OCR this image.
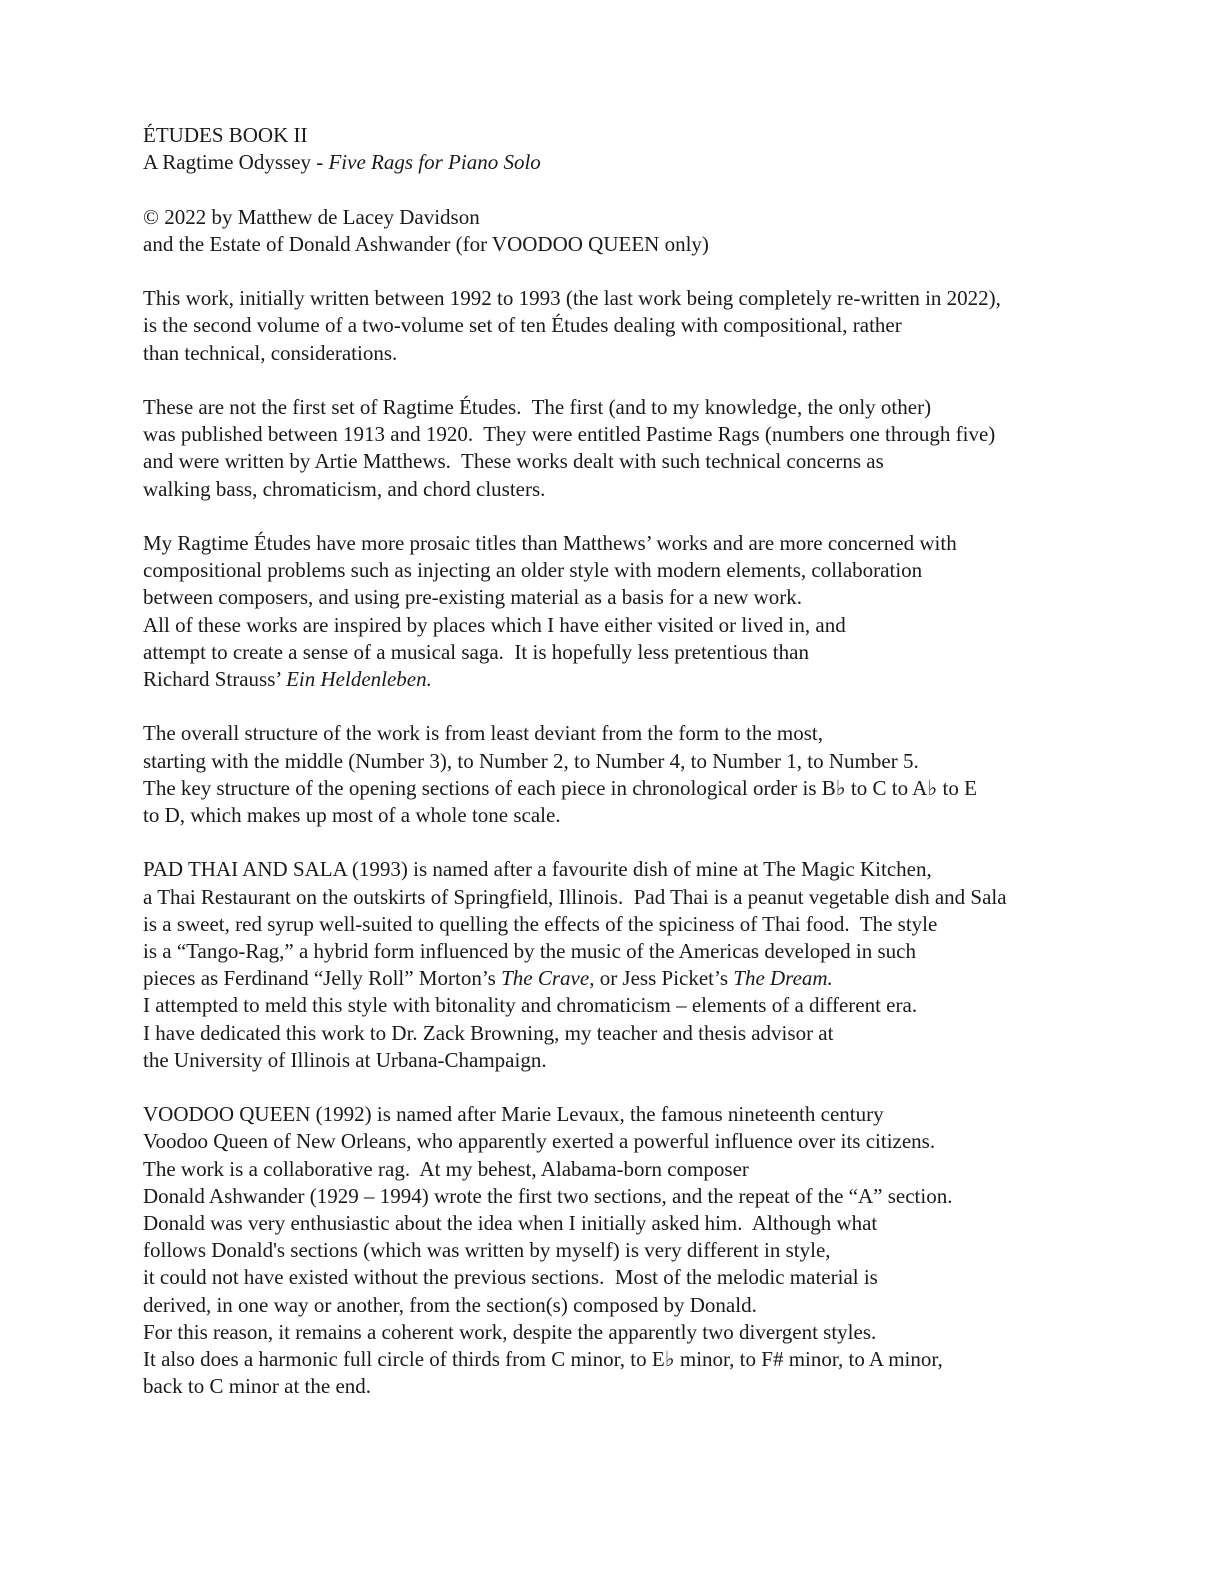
ÉTUDES BOOK II
A Ragtime Odyssey - Five Rags for Piano Solo
© 2022 by Matthew de Lacey Davidson
and the Estate of Donald Ashwander (for VOODOO QUEEN only)
This work, initially written between 1992 to 1993 (the last work being completely re-written in 2022),
is the second volume of a two-volume set of ten Études dealing with compositional, rather
than technical, considerations.
These are not the first set of Ragtime Études.  The first (and to my knowledge, the only other)
was published between 1913 and 1920.  They were entitled Pastime Rags (numbers one through five)
and were written by Artie Matthews.  These works dealt with such technical concerns as
walking bass, chromaticism, and chord clusters.
My Ragtime Études have more prosaic titles than Matthews’ works and are more concerned with
compositional problems such as injecting an older style with modern elements, collaboration
between composers, and using pre-existing material as a basis for a new work.
All of these works are inspired by places which I have either visited or lived in, and
attempt to create a sense of a musical saga.  It is hopefully less pretentious than
Richard Strauss’ Ein Heldenleben.
The overall structure of the work is from least deviant from the form to the most,
starting with the middle (Number 3), to Number 2, to Number 4, to Number 1, to Number 5.
The key structure of the opening sections of each piece in chronological order is B♭ to C to A♭ to E
to D, which makes up most of a whole tone scale.
PAD THAI AND SALA (1993) is named after a favourite dish of mine at The Magic Kitchen,
a Thai Restaurant on the outskirts of Springfield, Illinois.  Pad Thai is a peanut vegetable dish and Sala
is a sweet, red syrup well-suited to quelling the effects of the spiciness of Thai food.  The style
is a “Tango-Rag,” a hybrid form influenced by the music of the Americas developed in such
pieces as Ferdinand “Jelly Roll” Morton’s The Crave, or Jess Picket’s The Dream.
I attempted to meld this style with bitonality and chromaticism – elements of a different era.
I have dedicated this work to Dr. Zack Browning, my teacher and thesis advisor at
the University of Illinois at Urbana-Champaign.
VOODOO QUEEN (1992) is named after Marie Levaux, the famous nineteenth century
Voodoo Queen of New Orleans, who apparently exerted a powerful influence over its citizens.
The work is a collaborative rag.  At my behest, Alabama-born composer
Donald Ashwander (1929 – 1994) wrote the first two sections, and the repeat of the “A” section.
Donald was very enthusiastic about the idea when I initially asked him.  Although what
follows Donald's sections (which was written by myself) is very different in style,
it could not have existed without the previous sections.  Most of the melodic material is
derived, in one way or another, from the section(s) composed by Donald.
For this reason, it remains a coherent work, despite the apparently two divergent styles.
It also does a harmonic full circle of thirds from C minor, to E♭ minor, to F# minor, to A minor,
back to C minor at the end.
